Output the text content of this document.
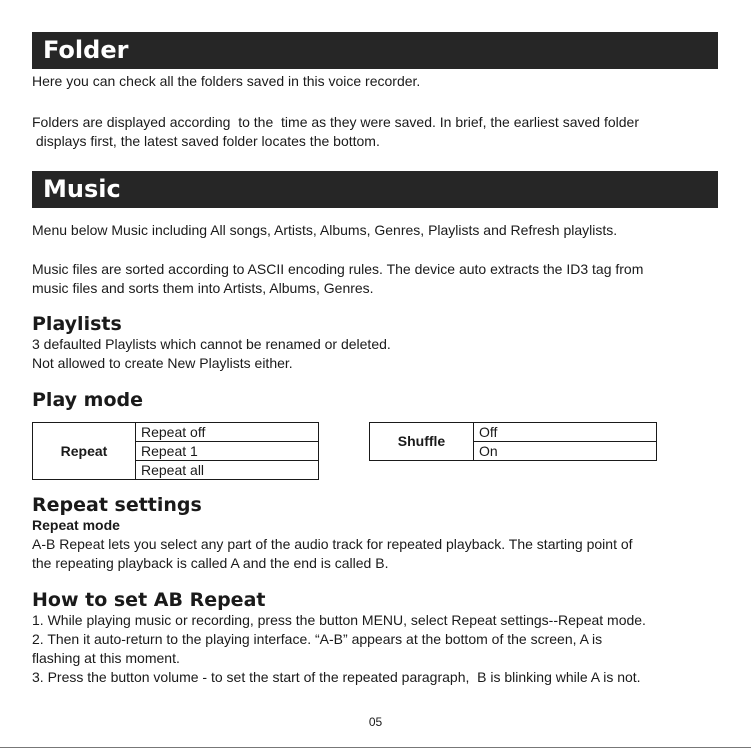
Folder

Here you can check all the folders saved in this voice recorder.

Folders are displayed according  to the  time as they were saved. In brief, the earliest saved folder
displays first, the latest saved folder locates the bottom.

Music

Menu below Music including All songs, Artists, Albums, Genres, Playlists and Refresh playlists.

Music files are sorted according to ASCII encoding rules. The device auto extracts the ID3 tag from
music files and sorts them into Artists, Albums, Genres.

Playlists

3 defaulted Playlists which cannot be renamed or deleted.
Not allowed to create New Playlists either.

Play mode
Repeat	Repeat off
Repeat 1
Repeat all
Shuffle	Off
On
Repeat settings
Repeat mode

A-B Repeat lets you select any part of the audio track for repeated playback. The starting point of
the repeating playback is called A and the end is called B.

How to set AB Repeat

1. While playing music or recording, press the button MENU, select Repeat settings--Repeat mode.
2. Then it auto-return to the playing interface. “A-B” appears at the bottom of the screen, A is
flashing at this moment.
3. Press the button volume - to set the start of the repeated paragraph,  B is blinking while A is not.

05
